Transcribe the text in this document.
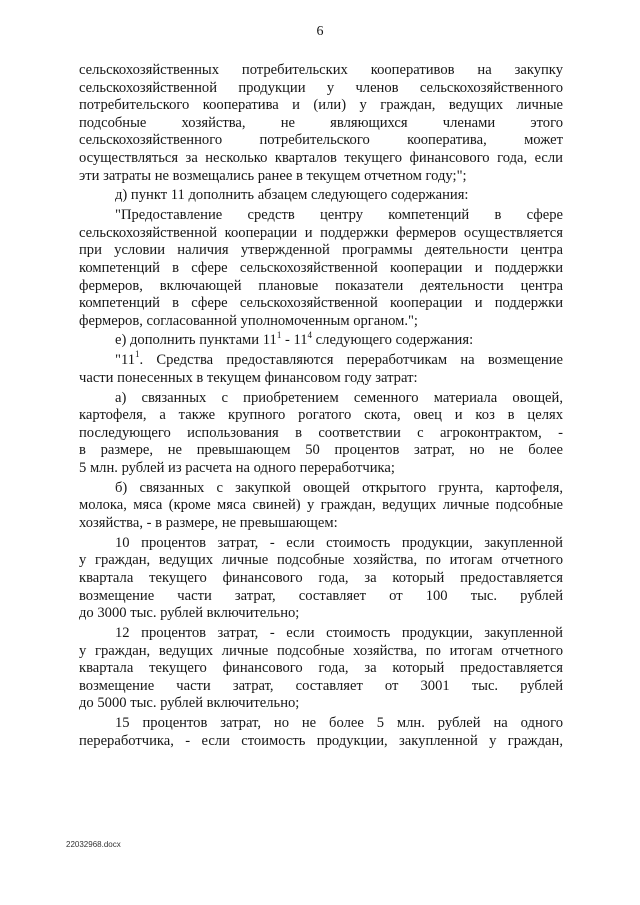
6
сельскохозяйственных потребительских кооперативов на закупку
сельскохозяйственной продукции у членов сельскохозяйственного
потребительского кооператива и (или) у граждан, ведущих личные
подсобные хозяйства, не являющихся членами этого
сельскохозяйственного потребительского кооператива, может
осуществляться за несколько кварталов текущего финансового года, если
эти затраты не возмещались ранее в текущем отчетном году;";
д) пункт 11 дополнить абзацем следующего содержания:
"Предоставление средств центру компетенций в сфере
сельскохозяйственной кооперации и поддержки фермеров осуществляется
при условии наличия утвержденной программы деятельности центра
компетенций в сфере сельскохозяйственной кооперации и поддержки
фермеров, включающей плановые показатели деятельности центра
компетенций в сфере сельскохозяйственной кооперации и поддержки
фермеров, согласованной уполномоченным органом.";
е) дополнить пунктами $11^1 - 11^4$ следующего содержания:
"$11^1$. Средства предоставляются переработчикам на возмещение
части понесенных в текущем финансовом году затрат:
а) связанных с приобретением семенного материала овощей,
картофеля, а также крупного рогатого скота, овец и коз в целях
последующего использования в соответствии с агроконтрактом, -
в размере, не превышающем 50 процентов затрат, но не более
5 млн. рублей из расчета на одного переработчика;
б) связанных с закупкой овощей открытого грунта, картофеля,
молока, мяса (кроме мяса свиней) у граждан, ведущих личные подсобные
хозяйства, - в размере, не превышающем:
10 процентов затрат, - если стоимость продукции, закупленной
у граждан, ведущих личные подсобные хозяйства, по итогам отчетного
квартала текущего финансового года, за который предоставляется
возмещение части затрат, составляет от 100 тыс. рублей
до 3000 тыс. рублей включительно;
12 процентов затрат, - если стоимость продукции, закупленной
у граждан, ведущих личные подсобные хозяйства, по итогам отчетного
квартала текущего финансового года, за который предоставляется
возмещение части затрат, составляет от 3001 тыс. рублей
до 5000 тыс. рублей включительно;
15 процентов затрат, но не более 5 млн. рублей на одного
переработчика, - если стоимость продукции, закупленной у граждан,
22032968.docx
